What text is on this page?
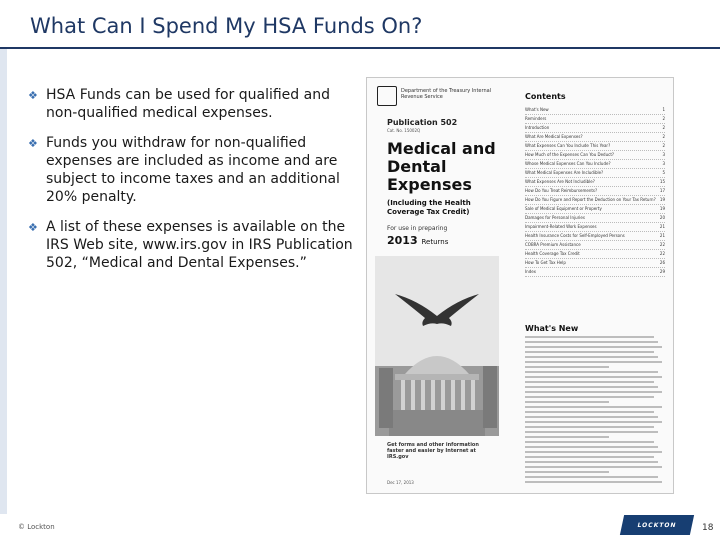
What Can I Spend My HSA Funds On?
❖ HSA Funds can be used for qualified and non-qualified medical expenses.
❖ Funds you withdraw for non-qualified expenses are included as income and are subject to income taxes and an additional 20% penalty.
❖ A list of these expenses is available on the IRS Web site, www.irs.gov in IRS Publication 502, “Medical and Dental Expenses.”
Department of the Treasury Internal Revenue Service
Publication 502
Cat. No. 15002Q
Medical and
Dental
Expenses
(Including the Health Coverage Tax Credit)
For use in preparing
2013 Returns
Get forms and other information faster and easier by Internet at IRS.gov
Dec 17, 2013
Contents
What's New	1
Reminders	2
Introduction	2
What Are Medical Expenses?	2
What Expenses Can You Include This Year?	2
How Much of the Expenses Can You Deduct?	3
Whose Medical Expenses Can You Include?	3
What Medical Expenses Are Includible?	5
What Expenses Are Not Includible?	15
How Do You Treat Reimbursements?	17
How Do You Figure and Report the Deduction on Your Tax Return?	19
Sale of Medical Equipment or Property	19
Damages for Personal Injuries	20
Impairment-Related Work Expenses	21
Health Insurance Costs for Self-Employed Persons	21
COBRA Premium Assistance	22
Health Coverage Tax Credit	22
How To Get Tax Help	26
Index	29
What's New
© Lockton	LOCKTON	18
